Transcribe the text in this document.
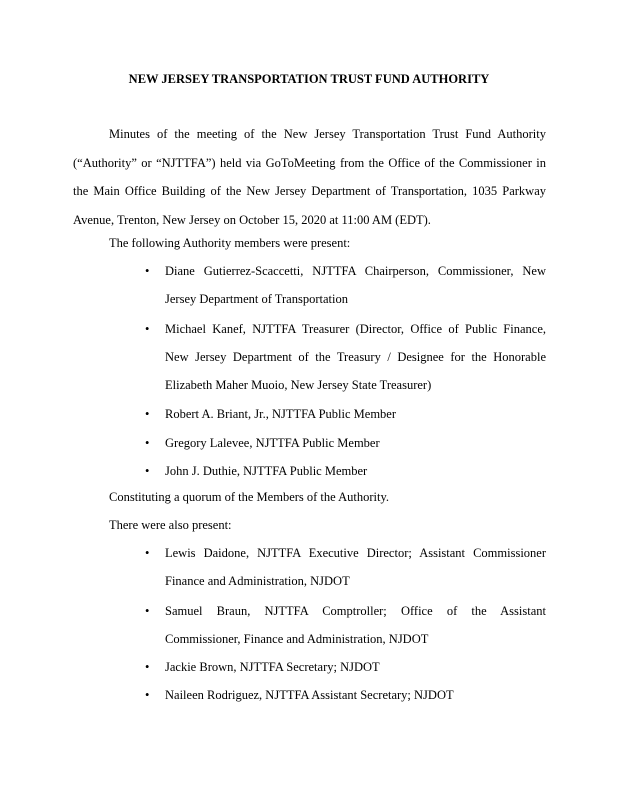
NEW JERSEY TRANSPORTATION TRUST FUND AUTHORITY

Minutes of the meeting of the New Jersey Transportation Trust Fund Authority (“Authority” or “NJTTFA”) held via GoToMeeting from the Office of the Commissioner in the Main Office Building of the New Jersey Department of Transportation, 1035 Parkway Avenue, Trenton, New Jersey on October 15, 2020 at 11:00 AM (EDT).

The following Authority members were present:

•	Diane Gutierrez-Scaccetti, NJTTFA Chairperson, Commissioner, New Jersey Department of Transportation
•	Michael Kanef, NJTTFA Treasurer (Director, Office of Public Finance, New Jersey Department of the Treasury / Designee for the Honorable Elizabeth Maher Muoio, New Jersey State Treasurer)
•	Robert A. Briant, Jr., NJTTFA Public Member
•	Gregory Lalevee, NJTTFA Public Member
•	John J. Duthie, NJTTFA Public Member

Constituting a quorum of the Members of the Authority.

There were also present:

•	Lewis Daidone, NJTTFA Executive Director; Assistant Commissioner Finance and Administration, NJDOT
•	Samuel Braun, NJTTFA Comptroller; Office of the Assistant Commissioner, Finance and Administration, NJDOT
•	Jackie Brown, NJTTFA Secretary; NJDOT
•	Naileen Rodriguez, NJTTFA Assistant Secretary; NJDOT
